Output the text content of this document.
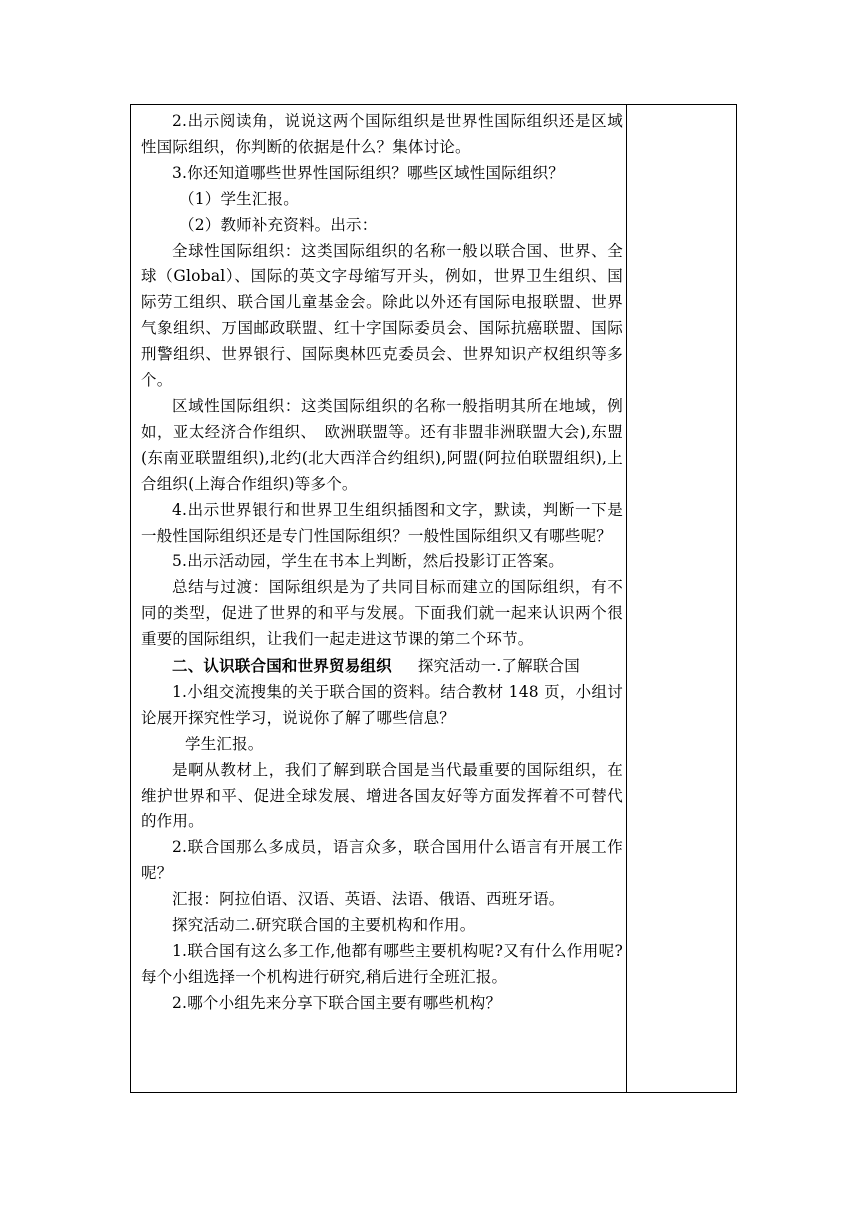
2.出示阅读角，说说这两个国际组织是世界性国际组织还是区域性国际组织，你判断的依据是什么？集体讨论。

3.你还知道哪些世界性国际组织？哪些区域性国际组织？

（1）学生汇报。

（2）教师补充资料。出示：

全球性国际组织：这类国际组织的名称一般以联合国、世界、全球（Global）、国际的英文字母缩写开头，例如，世界卫生组织、国际劳工组织、联合国儿童基金会。除此以外还有国际电报联盟、世界气象组织、万国邮政联盟、红十字国际委员会、国际抗癌联盟、国际刑警组织、世界银行、国际奥林匹克委员会、世界知识产权组织等多个。

区域性国际组织：这类国际组织的名称一般指明其所在地域，例如，亚太经济合作组织、　欧洲联盟等。还有非盟非洲联盟大会),东盟(东南亚联盟组织),北约(北大西洋合约组织),阿盟(阿拉伯联盟组织),上合组织(上海合作组织)等多个。

4.出示世界银行和世界卫生组织插图和文字，默读，判断一下是一般性国际组织还是专门性国际组织？一般性国际组织又有哪些呢？

5.出示活动园，学生在书本上判断，然后投影订正答案。

总结与过渡：国际组织是为了共同目标而建立的国际组织，有不同的类型，促进了世界的和平与发展。下面我们就一起来认识两个很重要的国际组织，让我们一起走进这节课的第二个环节。

二、认识联合国和世界贸易组织 探究活动一.了解联合国

1.小组交流搜集的关于联合国的资料。结合教材 148 页，小组讨论展开探究性学习，说说你了解了哪些信息？

学生汇报。

是啊从教材上，我们了解到联合国是当代最重要的国际组织，在维护世界和平、促进全球发展、增进各国友好等方面发挥着不可替代的作用。

2.联合国那么多成员，语言众多，联合国用什么语言有开展工作呢？

汇报：阿拉伯语、汉语、英语、法语、俄语、西班牙语。

探究活动二.研究联合国的主要机构和作用。

1.联合国有这么多工作,他都有哪些主要机构呢?又有什么作用呢?每个小组选择一个机构进行研究,稍后进行全班汇报。

2.哪个小组先来分享下联合国主要有哪些机构？
